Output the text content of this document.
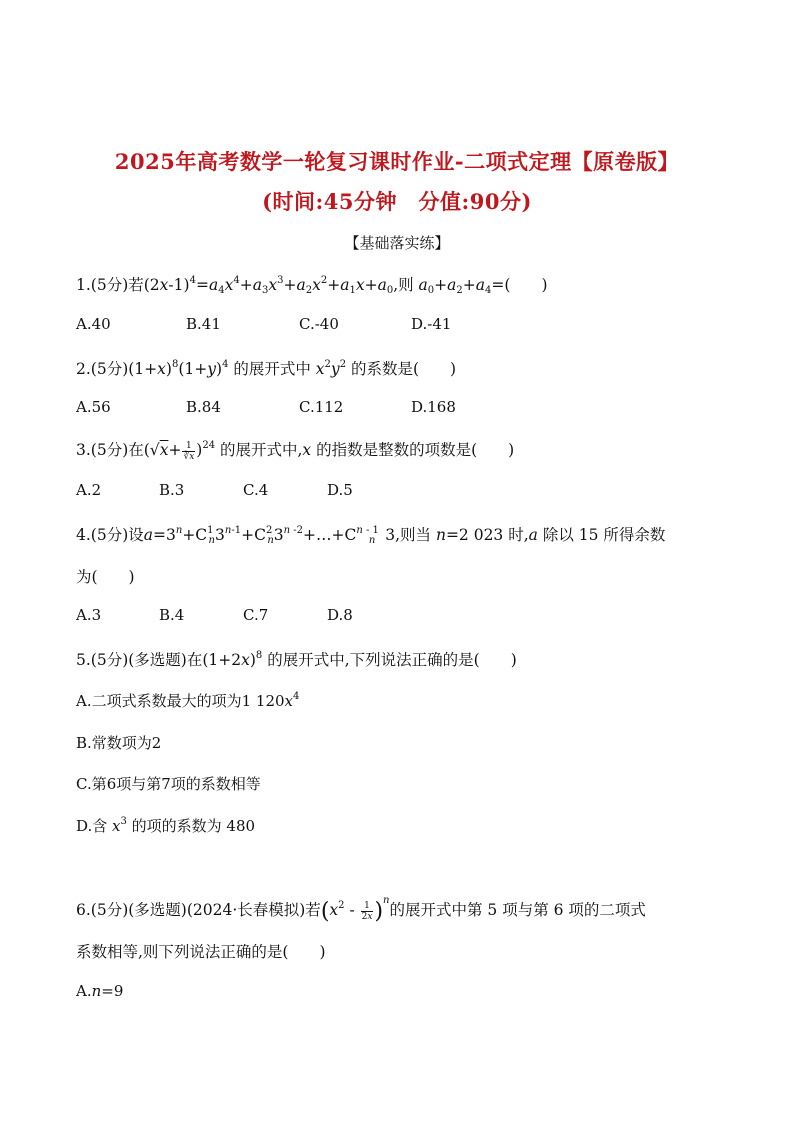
2025年高考数学一轮复习课时作业-二项式定理【原卷版】
(时间:45分钟　分值:90分)
【基础落实练】
1.(5分)若$(2x-1)^4=a_4x^4+a_3x^3+a_2x^2+a_1x+a_0$,则 $a_0+a_2+a_4=$(　　)
A.40	B.41	C.-40	D.-41
2.(5分)$(1+x)^8(1+y)^4$ 的展开式中 $x^2y^2$ 的系数是(　　)
A.56	B.84	C.112	D.168
3.(5分)在$(√x+ \frac{1}{∛x} )^{24}$ 的展开式中,x 的指数是整数的项数是(　　)
A.2	B.3	C.4	D.5
4.(5分)设$a=3^n+C^1_n3^{n-1}+C^2_n3^{n -2}+\dots+C^{n - 1}_n$  3,则当 n=2 023 时,a 除以 15 所得余数
为(　　)
A.3	B.4	C.7	D.8
5.(5分)(多选题)在$(1+2x)^8$ 的展开式中,下列说法正确的是(　　)
A.二项式系数最大的项为1 $120x^4$
B.常数项为2
C.第6项与第7项的系数相等
D.含 $x^3$ 的项的系数为 480
6.(5分)(多选题)(2024·长春模拟)若$(x^2 - \frac{1}{2x} )^n$的展开式中第 5 项与第 6 项的二项式
系数相等,则下列说法正确的是(　　)
A.n=9
